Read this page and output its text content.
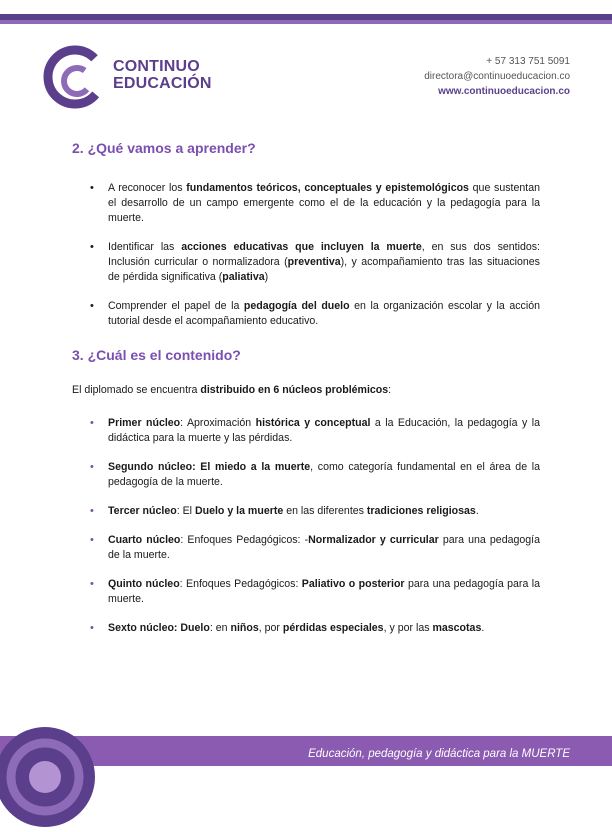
CONTINUO
EDUCACIÓN
+ 57 313 751 5091
directora@continuoeducacion.co
www.continuoeducacion.co
2. ¿Qué vamos a aprender?
• A reconocer los fundamentos teóricos, conceptuales y epistemológicos que sustentan el desarrollo de un campo emergente como el de la educación y la pedagogía para la muerte.
• Identificar las acciones educativas que incluyen la muerte, en sus dos sentidos: Inclusión curricular o normalizadora (preventiva), y acompañamiento tras las situaciones de pérdida significativa (paliativa)
• Comprender el papel de la pedagogía del duelo en la organización escolar y la acción tutorial desde el acompañamiento educativo.
3. ¿Cuál es el contenido?

El diplomado se encuentra distribuido en 6 núcleos problémicos:

• Primer núcleo: Aproximación histórica y conceptual a la Educación, la pedagogía y la didáctica para la muerte y las pérdidas.
• Segundo núcleo: El miedo a la muerte, como categoría fundamental en el área de la pedagogía de la muerte.
• Tercer núcleo: El Duelo y la muerte en las diferentes tradiciones religiosas.
• Cuarto núcleo: Enfoques Pedagógicos: -Normalizador y curricular para una pedagogía de la muerte.
• Quinto núcleo: Enfoques Pedagógicos: Paliativo o posterior para una pedagogía para la muerte.
• Sexto núcleo: Duelo: en niños, por pérdidas especiales, y por las mascotas.
Educación, pedagogía y didáctica para la MUERTE
